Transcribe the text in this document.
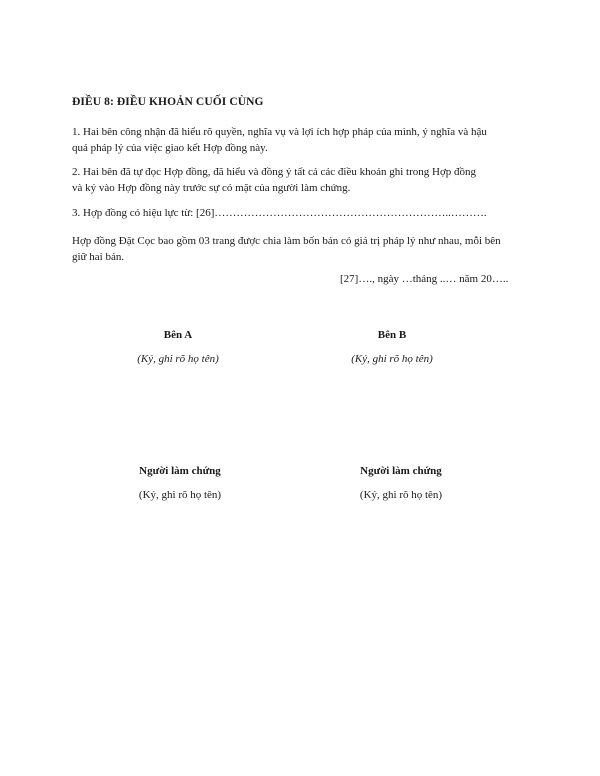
ĐIỀU 8: ĐIỀU KHOẢN CUỐI CÙNG
1. Hai bên công nhận đã hiểu rõ quyền, nghĩa vụ và lợi ích hợp pháp của mình, ý nghĩa và hậu
quả pháp lý của việc giao kết Hợp đồng này.
2. Hai bên đã tự đọc Hợp đồng, đã hiểu và đồng ý tất cả các điều khoản ghi trong Hợp đồng
và ký vào Hợp đồng này trước sự có mặt của người làm chứng.
3. Hợp đồng có hiệu lực từ: [26]………………………………………………………..……….
Hợp đồng Đặt Cọc bao gồm 03 trang được chia làm bốn bản có giá trị pháp lý như nhau, mỗi bên
giữ hai bản.
[27]…., ngày …tháng ..… năm 20…..
Bên A
(Ký, ghi rõ họ tên)
Bên B
(Ký, ghi rõ họ tên)
Người làm chứng
(Ký, ghi rõ họ tên)
Người làm chứng
(Ký, ghi rõ họ tên)
